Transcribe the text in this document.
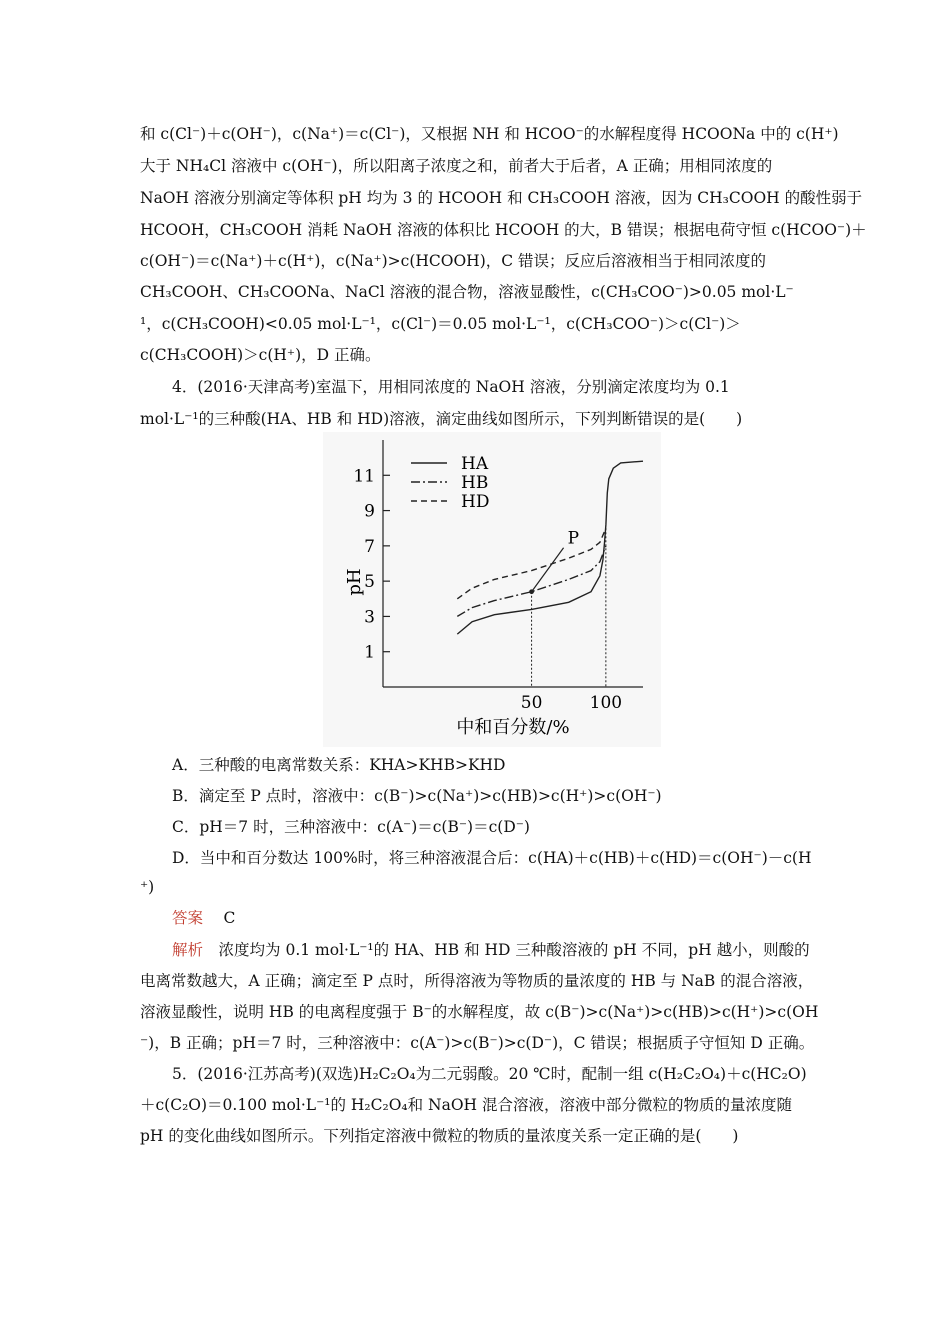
和 c(Cl⁻)＋c(OH⁻)，c(Na⁺)＝c(Cl⁻)，又根据 NH 和 HCOO⁻的水解程度得 HCOONa 中的 c(H⁺)
大于 NH₄Cl 溶液中 c(OH⁻)，所以阳离子浓度之和，前者大于后者，A 正确；用相同浓度的
NaOH 溶液分别滴定等体积 pH 均为 3 的 HCOOH 和 CH₃COOH 溶液，因为 CH₃COOH 的酸性弱于
HCOOH，CH₃COOH 消耗 NaOH 溶液的体积比 HCOOH 的大，B 错误；根据电荷守恒 c(HCOO⁻)＋
c(OH⁻)＝c(Na⁺)＋c(H⁺)，c(Na⁺)>c(HCOOH)，C 错误；反应后溶液相当于相同浓度的
CH₃COOH、CH₃COONa、NaCl 溶液的混合物，溶液显酸性，c(CH₃COO⁻)>0.05 mol·L⁻
¹，c(CH₃COOH)<0.05 mol·L⁻¹，c(Cl⁻)＝0.05 mol·L⁻¹，c(CH₃COO⁻)＞c(Cl⁻)＞
c(CH₃COOH)＞c(H⁺)，D 正确。
4．(2016·天津高考)室温下，用相同浓度的 NaOH 溶液，分别滴定浓度均为 0.1
mol·L⁻¹的三种酸(HA、HB 和 HD)溶液，滴定曲线如图所示，下列判断错误的是(　　)
1
3
5
7
9
11
50	100
HA
HB
HD
P
pH
中和百分数/%
A．三种酸的电离常数关系：KHA>KHB>KHD
B．滴定至 P 点时，溶液中：c(B⁻)>c(Na⁺)>c(HB)>c(H⁺)>c(OH⁻)
C．pH＝7 时，三种溶液中：c(A⁻)＝c(B⁻)＝c(D⁻)
D．当中和百分数达 100%时，将三种溶液混合后：c(HA)＋c(HB)＋c(HD)＝c(OH⁻)－c(H
⁺)
答案　 C
解析　 浓度均为 0.1 mol·L⁻¹的 HA、HB 和 HD 三种酸溶液的 pH 不同，pH 越小，则酸的
电离常数越大，A 正确；滴定至 P 点时，所得溶液为等物质的量浓度的 HB 与 NaB 的混合溶液，
溶液显酸性，说明 HB 的电离程度强于 B⁻的水解程度，故 c(B⁻)>c(Na⁺)>c(HB)>c(H⁺)>c(OH
⁻)，B 正确；pH＝7 时，三种溶液中：c(A⁻)>c(B⁻)>c(D⁻)，C 错误；根据质子守恒知 D 正确。
5．(2016·江苏高考)(双选)H₂C₂O₄为二元弱酸。20 ℃时，配制一组 c(H₂C₂O₄)＋c(HC₂O)
＋c(C₂O)＝0.100 mol·L⁻¹的 H₂C₂O₄和 NaOH 混合溶液，溶液中部分微粒的物质的量浓度随
pH 的变化曲线如图所示。下列指定溶液中微粒的物质的量浓度关系一定正确的是(　　)
